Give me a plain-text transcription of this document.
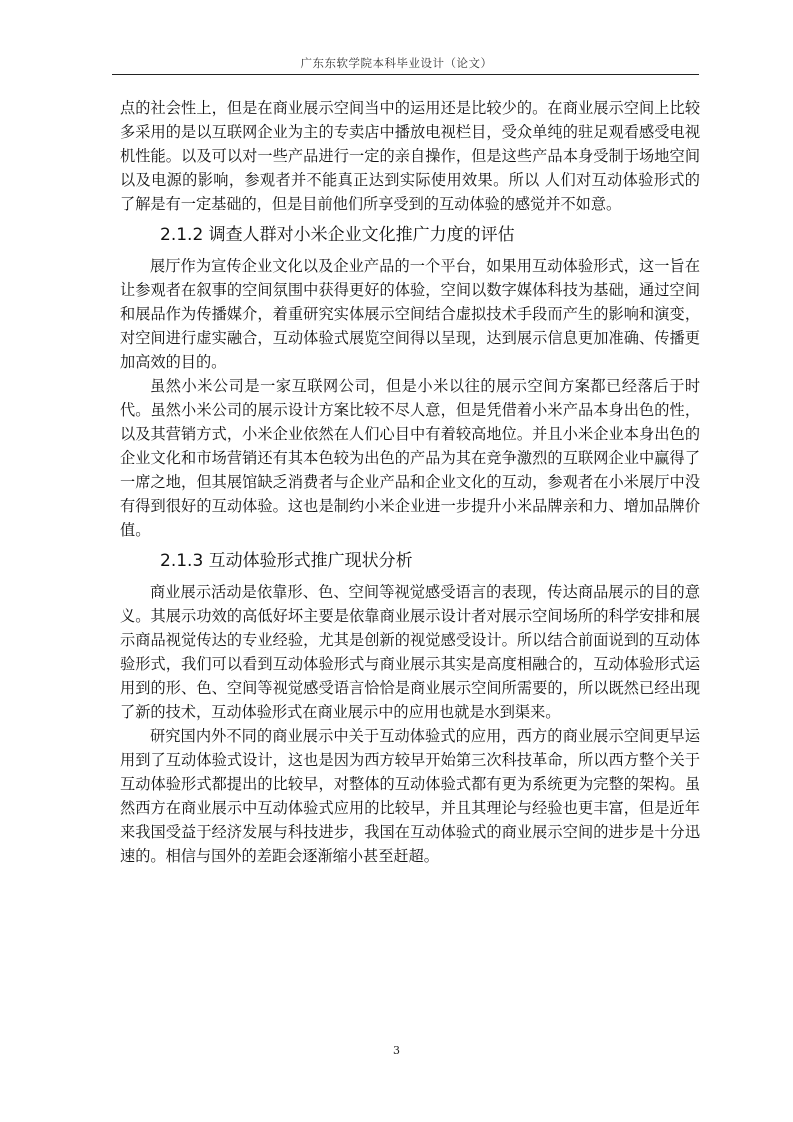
广东东软学院本科毕业设计（论文）

点的社会性上，但是在商业展示空间当中的运用还是比较少的。在商业展示空间上比较多采用的是以互联网企业为主的专卖店中播放电视栏目，受众单纯的驻足观看感受电视机性能。以及可以对一些产品进行一定的亲自操作，但是这些产品本身受制于场地空间以及电源的影响，参观者并不能真正达到实际使用效果。所以 人们对互动体验形式的了解是有一定基础的，但是目前他们所享受到的互动体验的感觉并不如意。

2.1.2 调查人群对小米企业文化推广力度的评估

展厅作为宣传企业文化以及企业产品的一个平台，如果用互动体验形式，这一旨在让参观者在叙事的空间氛围中获得更好的体验，空间以数字媒体科技为基础，通过空间和展品作为传播媒介，着重研究实体展示空间结合虚拟技术手段而产生的影响和演变，对空间进行虚实融合，互动体验式展览空间得以呈现，达到展示信息更加准确、传播更加高效的目的。

虽然小米公司是一家互联网公司，但是小米以往的展示空间方案都已经落后于时代。虽然小米公司的展示设计方案比较不尽人意，但是凭借着小米产品本身出色的性，以及其营销方式，小米企业依然在人们心目中有着较高地位。并且小米企业本身出色的企业文化和市场营销还有其本色较为出色的产品为其在竞争激烈的互联网企业中赢得了一席之地，但其展馆缺乏消费者与企业产品和企业文化的互动，参观者在小米展厅中没有得到很好的互动体验。这也是制约小米企业进一步提升小米品牌亲和力、增加品牌价值。

2.1.3 互动体验形式推广现状分析

商业展示活动是依靠形、色、空间等视觉感受语言的表现，传达商品展示的目的意义。其展示功效的高低好坏主要是依靠商业展示设计者对展示空间场所的科学安排和展示商品视觉传达的专业经验，尤其是创新的视觉感受设计。所以结合前面说到的互动体验形式，我们可以看到互动体验形式与商业展示其实是高度相融合的，互动体验形式运用到的形、色、空间等视觉感受语言恰恰是商业展示空间所需要的，所以既然已经出现了新的技术，互动体验形式在商业展示中的应用也就是水到渠来。

研究国内外不同的商业展示中关于互动体验式的应用，西方的商业展示空间更早运用到了互动体验式设计，这也是因为西方较早开始第三次科技革命，所以西方整个关于互动体验形式都提出的比较早，对整体的互动体验式都有更为系统更为完整的架构。虽然西方在商业展示中互动体验式应用的比较早，并且其理论与经验也更丰富，但是近年来我国受益于经济发展与科技进步，我国在互动体验式的商业展示空间的进步是十分迅速的。相信与国外的差距会逐渐缩小甚至赶超。

3
